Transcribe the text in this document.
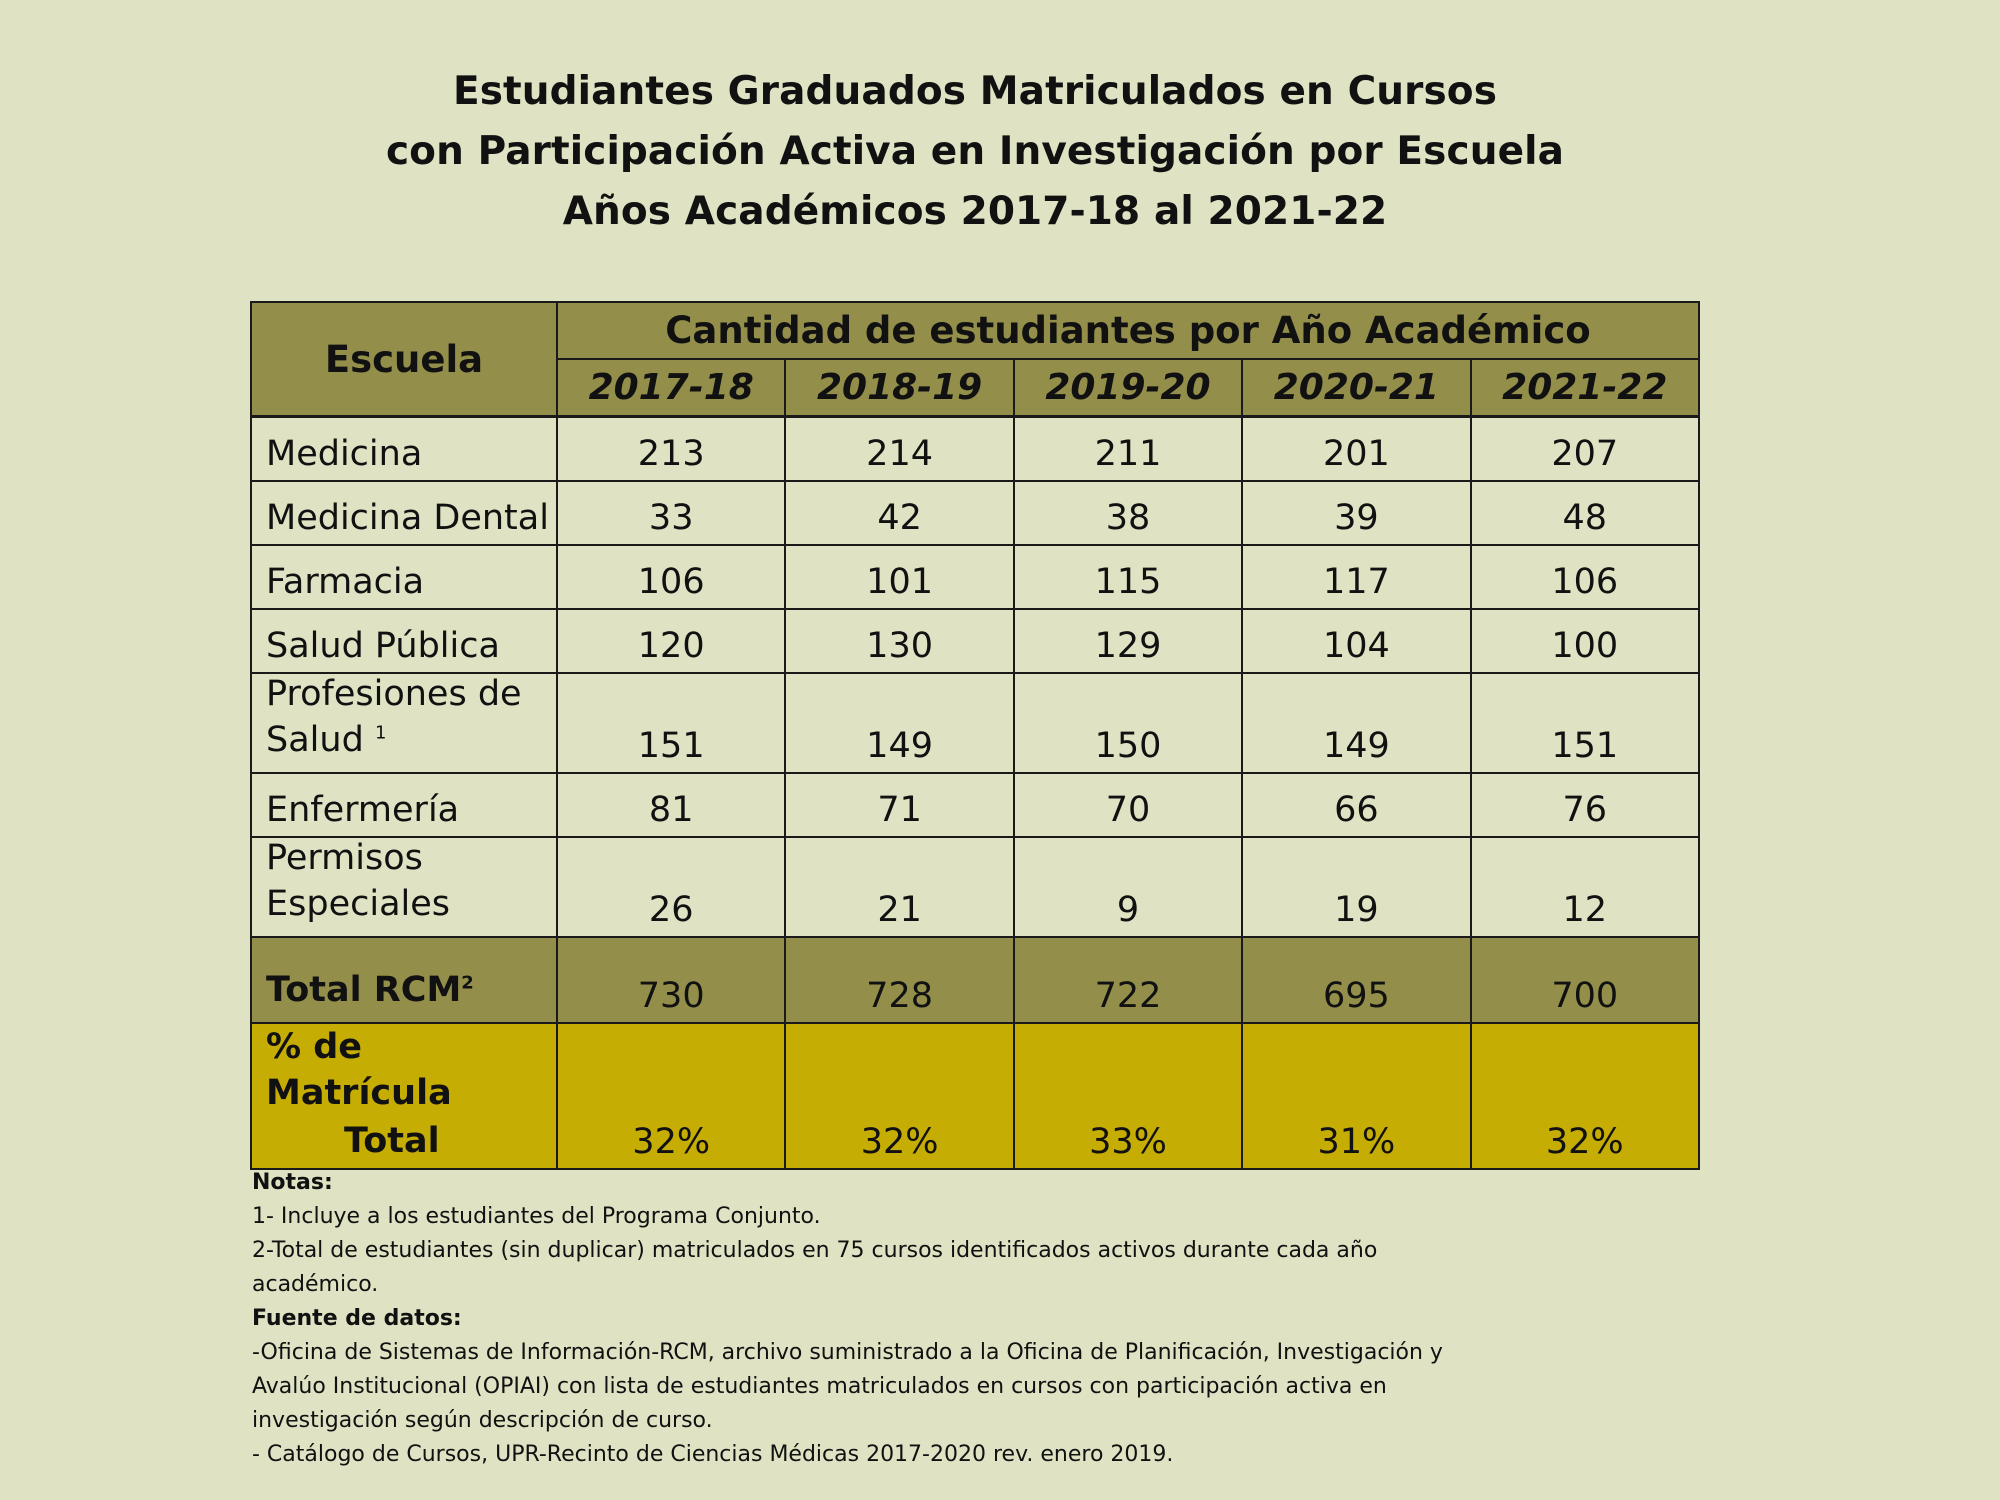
Estudiantes Graduados Matriculados en Cursos
con Participación Activa en Investigación por Escuela
Años Académicos 2017-18 al 2021-22
Escuela	Cantidad de estudiantes por Año Académico				
	2017-18	2018-19	2019-20	2020-21	2021-22
Medicina	213	214	211	201	207
Medicina Dental	33	42	38	39	48
Farmacia	106	101	115	117	106
Salud Pública	120	130	129	104	100
Profesiones de
Salud $^1$	151	149	150	149	151
Enfermería	81	71	70	66	76
Permisos
Especiales	26	21	9	19	12
Total RCM$^2$	730	728	722	695	700
% de MatrículaTotal	32%	32%	33%	31%	32%
Notas:
1- Incluye a los estudiantes del Programa Conjunto.
2-Total de estudiantes (sin duplicar) matriculados en 75 cursos identificados activos durante cada año académico.
Fuente de datos:
-Oficina de Sistemas de Información-RCM, archivo suministrado a la Oficina de Planificación, Investigación y Avalúo Institucional (OPIAI) con lista de estudiantes matriculados en cursos con participación activa en investigación según descripción de curso.
- Catálogo de Cursos, UPR-Recinto de Ciencias Médicas 2017-2020 rev. enero 2019.
